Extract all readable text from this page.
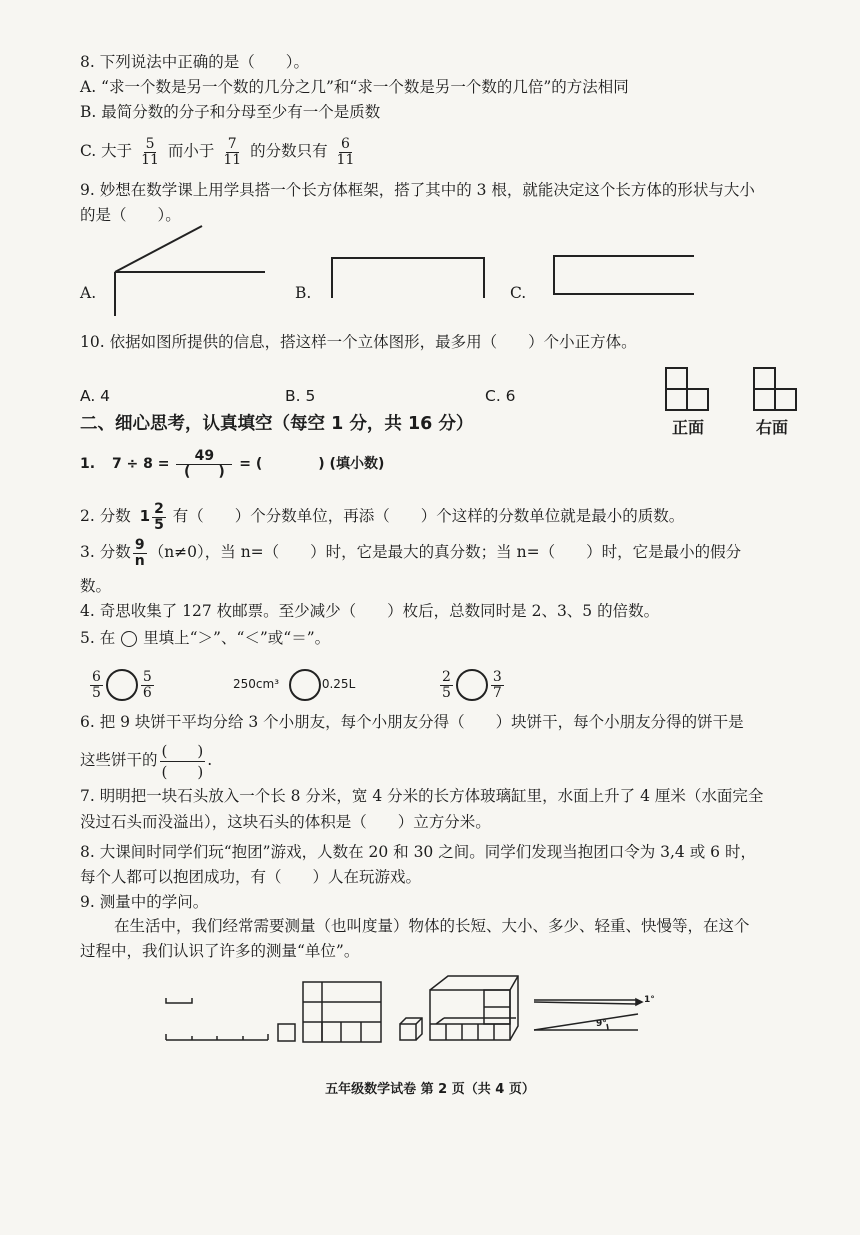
8. 下列说法中正确的是（　　）。
A. “求一个数是另一个数的几分之几”和“求一个数是另一个数的几倍”的方法相同
B. 最简分数的分子和分母至少有一个是质数
C. 大于 $\frac{5}{11}$ 而小于 $\frac{7}{11}$ 的分数只有 $\frac{6}{11}$
9. 妙想在数学课上用学具搭一个长方体框架，搭了其中的 3 根，就能决定这个长方体的形状与大小
的是（　　）。
A.	B.	C.
10. 依据如图所提供的信息，搭这样一个立体图形，最多用（　　）个小正方体。
A. 4	B. 5	C. 6
正面	右面
二、细心思考，认真填空（每空 1 分，共 16 分）
1. $7 \div 8 = \frac{49}{( )}$ = (　　　　) (填小数)
2. 分数 $1 \frac{2}{5}$ 有（　　）个分数单位，再添（　　）个这样的分数单位就是最小的质数。
3. 分数 $\frac{9}{n} (n\ne 0)$，当 n=（　　）时，它是最大的真分数；当 n=（　　）时，它是最小的假分
数。
4. 奇思收集了 127 枚邮票。至少减少（　　）枚后，总数同时是 2、3、5 的倍数。
5. 在 里填上“＞”、“＜”或“＝”。
$\frac{6}{5}$	$\frac{5}{6}$	250cm³	0.25L	$\frac{2}{5}$	$\frac{3}{7}$
6. 把 9 块饼干平均分给 3 个小朋友，每个小朋友分得（　　）块饼干，每个小朋友分得的饼干是
这些饼干的 $\frac{( )}{( )}$ .
7. 明明把一块石头放入一个长 8 分米，宽 4 分米的长方体玻璃缸里，水面上升了 4 厘米（水面完全
没过石头而没溢出），这块石头的体积是（　　）立方分米。
8. 大课间时同学们玩“抱团”游戏，人数在 20 和 30 之间。同学们发现当抱团口令为 3,4 或 6 时，
每个人都可以抱团成功，有（　　）人在玩游戏。
9. 测量中的学问。
在生活中，我们经常需要测量（也叫度量）物体的长短、大小、多少、轻重、快慢等，在这个
过程中，我们认识了许多的测量“单位”。
1°
9°
五年级数学试卷 第 2 页（共 4 页）
